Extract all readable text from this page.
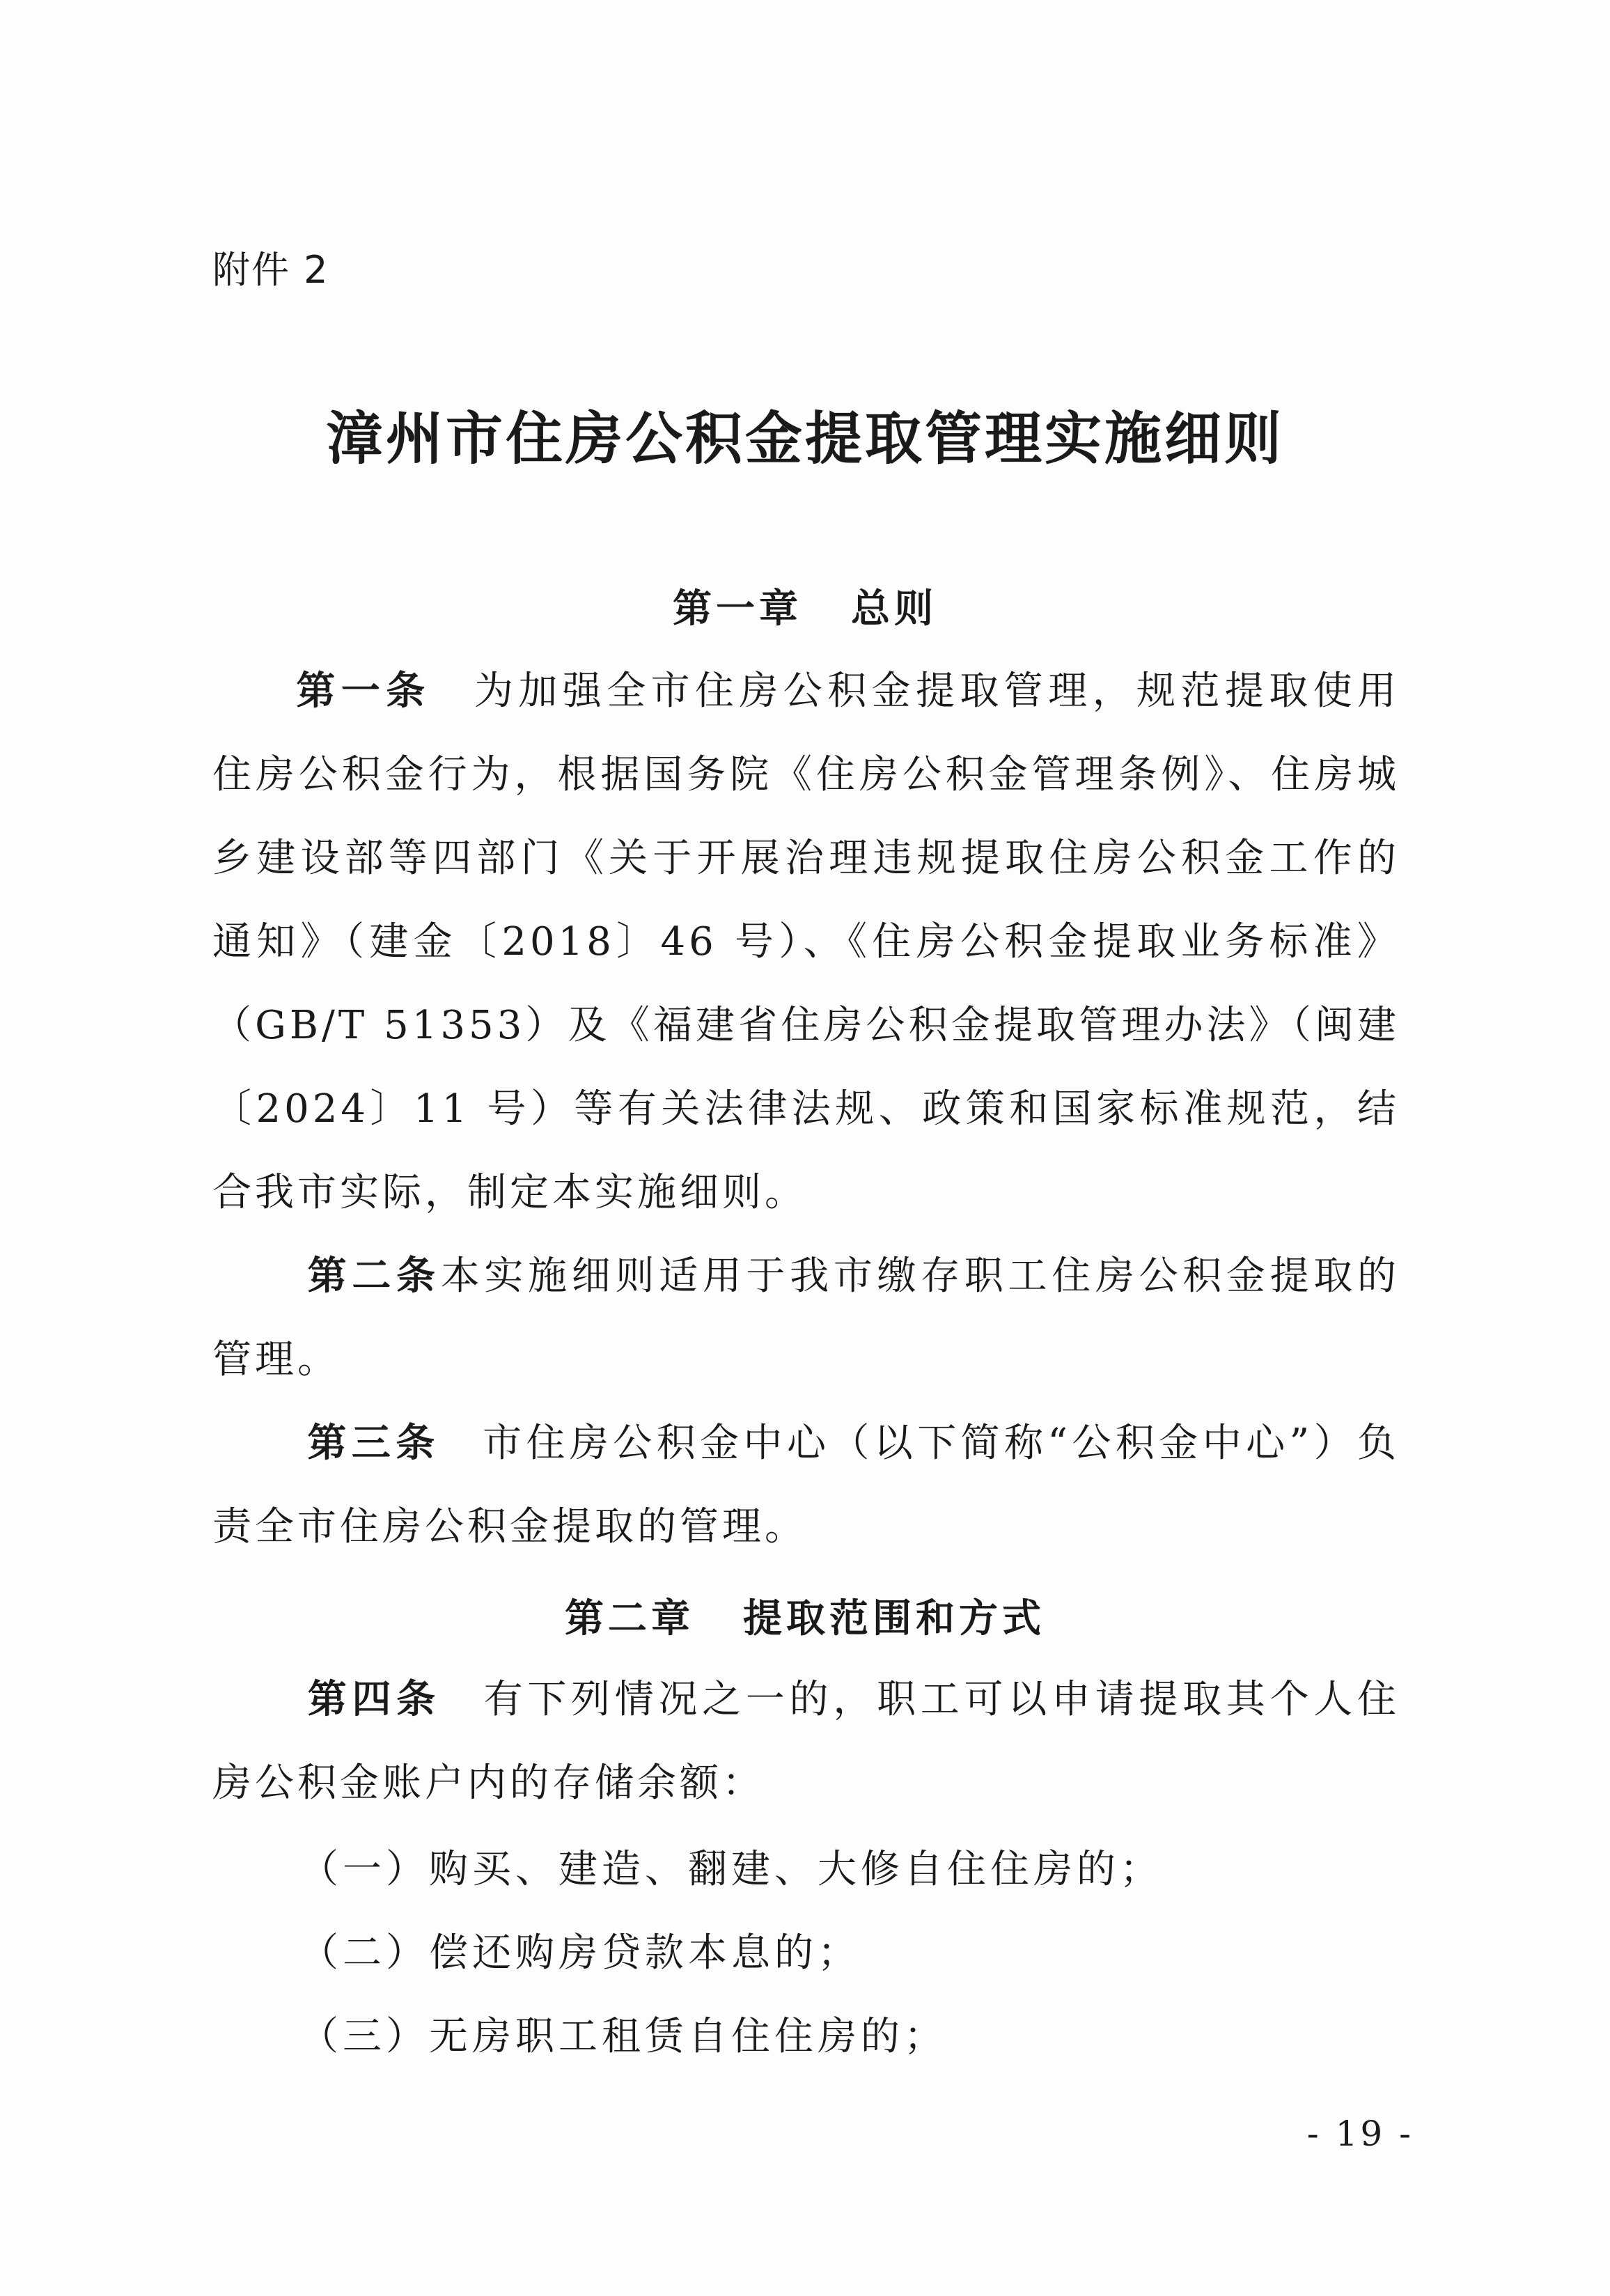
附件 2
漳州市住房公积金提取管理实施细则
第一章 总则
第一条 为加强全市住房公积金提取管理，规范提取使用住房公积金行为，根据国务院《住房公积金管理条例》、住房城乡建设部等四部门《关于开展治理违规提取住房公积金工作的通知》（建金〔2018〕46 号）、《住房公积金提取业务标准》（GB/T 51353）及《福建省住房公积金提取管理办法》（闽建〔2024〕11 号）等有关法律法规、政策和国家标准规范，结合我市实际，制定本实施细则。
第二条本实施细则适用于我市缴存职工住房公积金提取的管理。
第三条 市住房公积金中心（以下简称“公积金中心”）负责全市住房公积金提取的管理。
第二章 提取范围和方式
第四条 有下列情况之一的，职工可以申请提取其个人住房公积金账户内的存储余额：
（一）购买、建造、翻建、大修自住住房的；
（二）偿还购房贷款本息的；
（三）无房职工租赁自住住房的；
- 19 -
